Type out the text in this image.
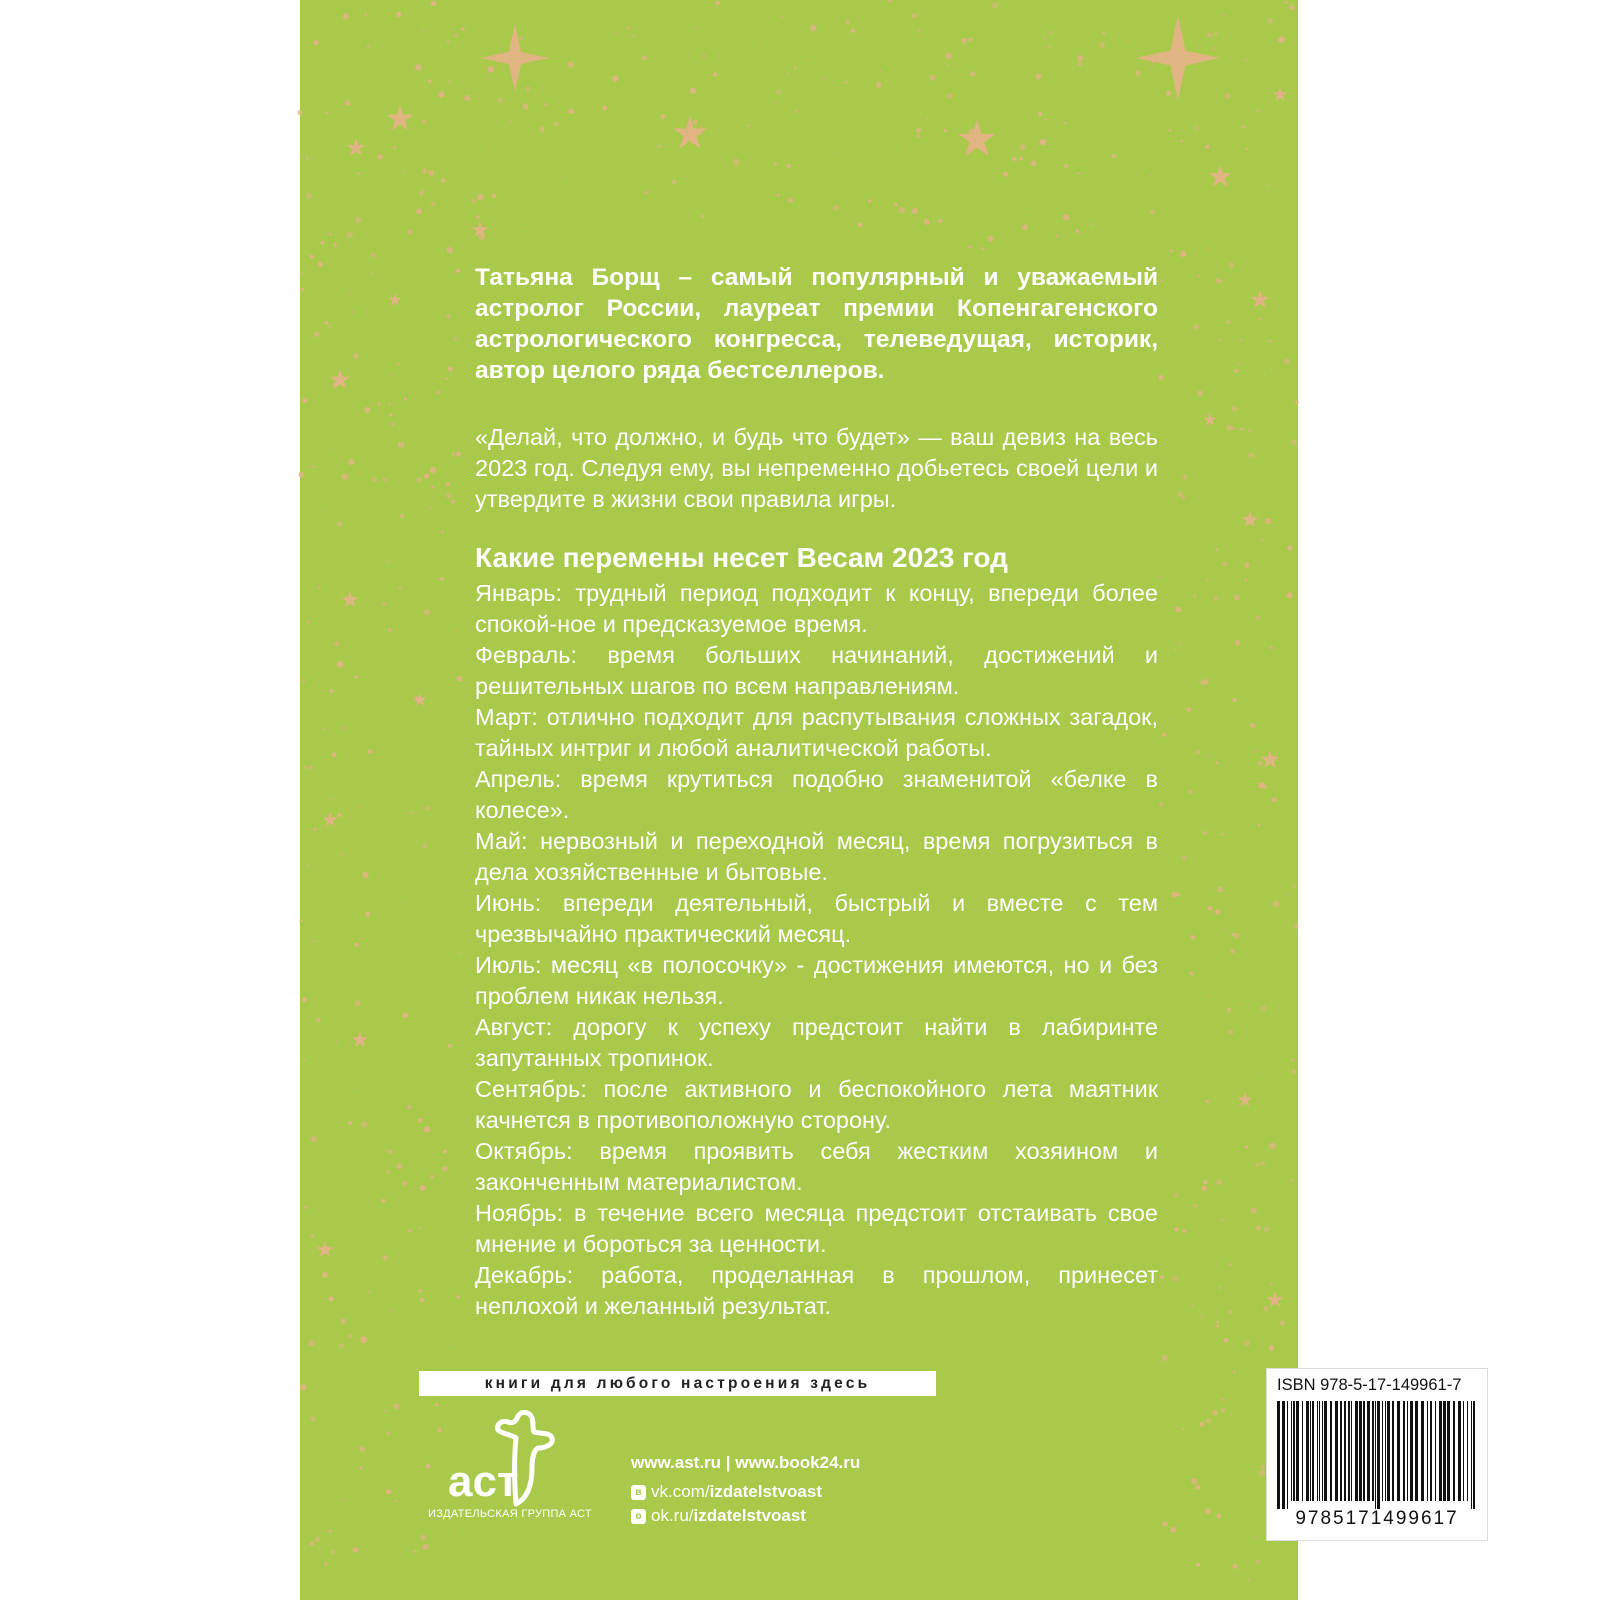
Татьяна Борщ – самый популярный и уважаемый астролог России, лауреат премии Копенгагенского астрологического конгресса, телеведущая, историк, автор целого ряда бестселлеров.
«Делай, что должно, и будь что будет» — ваш девиз на весь 2023 год. Следуя ему, вы непременно добьетесь своей цели и утвердите в жизни свои правила игры.
Какие перемены несет Весам 2023 год

Январь: трудный период подходит к концу, впереди более спокой-ное и предсказуемое время.

Февраль: время больших начинаний, достижений и решительных шагов по всем направлениям.

Март: отлично подходит для распутывания сложных загадок, тайных интриг и любой аналитической работы.

Апрель: время крутиться подобно знаменитой «белке в колесе».

Май: нервозный и переходной месяц, время погрузиться в дела хозяйственные и бытовые.

Июнь: впереди деятельный, быстрый и вместе с тем чрезвычайно практический месяц.

Июль: месяц «в полосочку» - достижения имеются, но и без проблем никак нельзя.

Август: дорогу к успеху предстоит найти в лабиринте запутанных тропинок.

Сентябрь: после активного и беспокойного лета маятник качнется в противоположную сторону.

Октябрь: время проявить себя жестким хозяином и законченным материалистом.

Ноябрь: в течение всего месяца предстоит отстаивать свое мнение и бороться за ценности.

Декабрь: работа, проделанная в прошлом, принесет неплохой и желанный результат.

книги для любого настроения здесь
аст
ИЗДАТЕЛЬСКАЯ ГРУППА АСТ
www.ast.ru | www.book24.ru
в vk.com/ izdatelstvoast
о ok.ru/ izdatelstvoast
ISBN 978-5-17-149961-7
9785171499617
